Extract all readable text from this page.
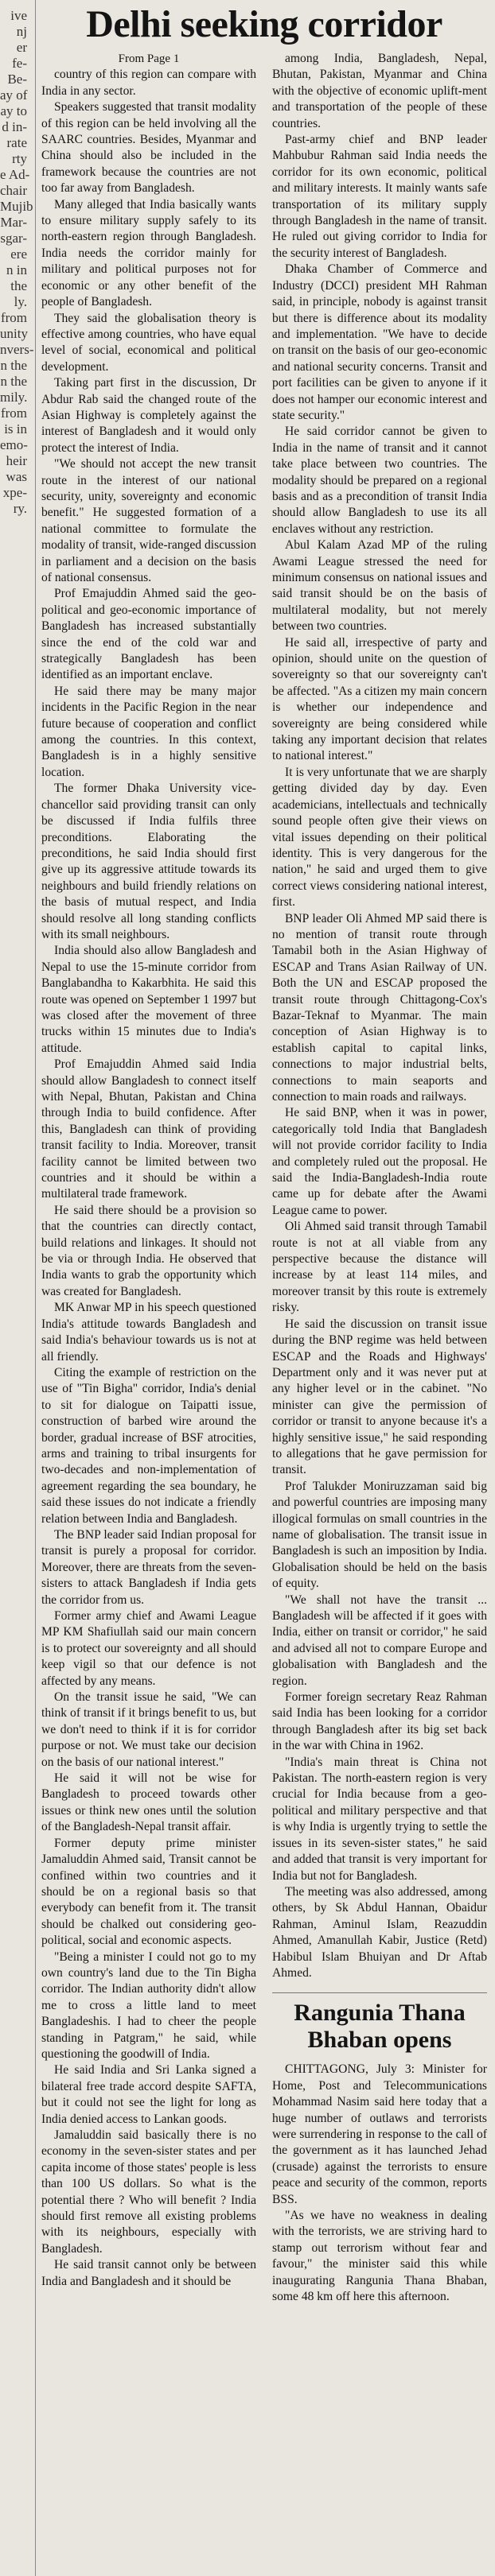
ive
nj
er
fe-
Be-
ay of
ay to
d in-
rate
rty
e Ad-
chair
Mujib
Mar-
sgar-
ere
n in
the
ly.
from
unity
nvers-
n the
n the
mily.
from
is in
emo-
heir
was
xpe-
ry.
Delhi seeking corridor

From Page 1

country of this region can compare with India in any sector.

Speakers suggested that transit modality of this region can be held involving all the SAARC countries. Besides, Myanmar and China should also be included in the framework because the countries are not too far away from Bangladesh.

Many alleged that India basically wants to ensure military supply safely to its north-eastern region through Bangladesh. India needs the corridor mainly for military and political purposes not for economic or any other benefit of the people of Bangladesh.

They said the globalisation theory is effective among countries, who have equal level of social, economical and political development.

Taking part first in the discussion, Dr Abdur Rab said the changed route of the Asian Highway is completely against the interest of Bangladesh and it would only protect the interest of India.

"We should not accept the new transit route in the interest of our national security, unity, sovereignty and economic benefit." He suggested formation of a national committee to formulate the modality of transit, wide-ranged discussion in parliament and a decision on the basis of national consensus.

Prof Emajuddin Ahmed said the geo-political and geo-economic importance of Bangladesh has increased substantially since the end of the cold war and strategically Bangladesh has been identified as an important enclave.

He said there may be many major incidents in the Pacific Region in the near future because of cooperation and conflict among the countries. In this context, Bangladesh is in a highly sensitive location.

The former Dhaka University vice-chancellor said providing transit can only be discussed if India fulfils three preconditions. Elaborating the preconditions, he said India should first give up its aggressive attitude towards its neighbours and build friendly relations on the basis of mutual respect, and India should resolve all long standing conflicts with its small neighbours.

India should also allow Bangladesh and Nepal to use the 15-minute corridor from Banglabandha to Kakarbhita. He said this route was opened on September 1 1997 but was closed after the movement of three trucks within 15 minutes due to India's attitude.

Prof Emajuddin Ahmed said India should allow Bangladesh to connect itself with Nepal, Bhutan, Pakistan and China through India to build confidence. After this, Bangladesh can think of providing transit facility to India. Moreover, transit facility cannot be limited between two countries and it should be within a multilateral trade framework.

He said there should be a provision so that the countries can directly contact, build relations and linkages. It should not be via or through India. He observed that India wants to grab the opportunity which was created for Bangladesh.

MK Anwar MP in his speech questioned India's attitude towards Bangladesh and said India's behaviour towards us is not at all friendly.

Citing the example of restriction on the use of "Tin Bigha" corridor, India's denial to sit for dialogue on Taipatti issue, construction of barbed wire around the border, gradual increase of BSF atrocities, arms and training to tribal insurgents for two-decades and non-implementation of agreement regarding the sea boundary, he said these issues do not indicate a friendly relation between India and Bangladesh.

The BNP leader said Indian proposal for transit is purely a proposal for corridor. Moreover, there are threats from the seven-sisters to attack Bangladesh if India gets the corridor from us.

Former army chief and Awami League MP KM Shafiullah said our main concern is to protect our sovereignty and all should keep vigil so that our defence is not affected by any means.

On the transit issue he said, "We can think of transit if it brings benefit to us, but we don't need to think if it is for corridor purpose or not. We must take our decision on the basis of our national interest."

He said it will not be wise for Bangladesh to proceed towards other issues or think new ones until the solution of the Bangladesh-Nepal transit affair.

Former deputy prime minister Jamaluddin Ahmed said, Transit cannot be confined within two countries and it should be on a regional basis so that everybody can benefit from it. The transit should be chalked out considering geo-political, social and economic aspects.

"Being a minister I could not go to my own country's land due to the Tin Bigha corridor. The Indian authority didn't allow me to cross a little land to meet Bangladeshis. I had to cheer the people standing in Patgram," he said, while questioning the goodwill of India.

He said India and Sri Lanka signed a bilateral free trade accord despite SAFTA, but it could not see the light for long as India denied access to Lankan goods.

Jamaluddin said basically there is no economy in the seven-sister states and per capita income of those states' people is less than 100 US dollars. So what is the potential there ? Who will benefit ? India should first remove all existing problems with its neighbours, especially with Bangladesh.

He said transit cannot only be between India and Bangladesh and it should be

among India, Bangladesh, Nepal, Bhutan, Pakistan, Myanmar and China with the objective of economic uplift-ment and transportation of the people of these countries.

Past-army chief and BNP leader Mahbubur Rahman said India needs the corridor for its own economic, political and military interests. It mainly wants safe transportation of its military supply through Bangladesh in the name of transit. He ruled out giving corridor to India for the security interest of Bangladesh.

Dhaka Chamber of Commerce and Industry (DCCI) president MH Rahman said, in principle, nobody is against transit but there is difference about its modality and implementation. "We have to decide on transit on the basis of our geo-economic and national security concerns. Transit and port facilities can be given to anyone if it does not hamper our economic interest and state security."

He said corridor cannot be given to India in the name of transit and it cannot take place between two countries. The modality should be prepared on a regional basis and as a precondition of transit India should allow Bangladesh to use its all enclaves without any restriction.

Abul Kalam Azad MP of the ruling Awami League stressed the need for minimum consensus on national issues and said transit should be on the basis of multilateral modality, but not merely between two countries.

He said all, irrespective of party and opinion, should unite on the question of sovereignty so that our sovereignty can't be affected. "As a citizen my main concern is whether our independence and sovereignty are being considered while taking any important decision that relates to national interest."

It is very unfortunate that we are sharply getting divided day by day. Even academicians, intellectuals and technically sound people often give their views on vital issues depending on their political identity. This is very dangerous for the nation," he said and urged them to give correct views considering national interest, first.

BNP leader Oli Ahmed MP said there is no mention of transit route through Tamabil both in the Asian Highway of ESCAP and Trans Asian Railway of UN. Both the UN and ESCAP proposed the transit route through Chittagong-Cox's Bazar-Teknaf to Myanmar. The main conception of Asian Highway is to establish capital to capital links, connections to major industrial belts, connections to main seaports and connection to main roads and railways.

He said BNP, when it was in power, categorically told India that Bangladesh will not provide corridor facility to India and completely ruled out the proposal. He said the India-Bangladesh-India route came up for debate after the Awami League came to power.

Oli Ahmed said transit through Tamabil route is not at all viable from any perspective because the distance will increase by at least 114 miles, and moreover transit by this route is extremely risky.

He said the discussion on transit issue during the BNP regime was held between ESCAP and the Roads and Highways' Department only and it was never put at any higher level or in the cabinet. "No minister can give the permission of corridor or transit to anyone because it's a highly sensitive issue," he said responding to allegations that he gave permission for transit.

Prof Talukder Moniruzzaman said big and powerful countries are imposing many illogical formulas on small countries in the name of globalisation. The transit issue in Bangladesh is such an imposition by India. Globalisation should be held on the basis of equity.

"We shall not have the transit ... Bangladesh will be affected if it goes with India, either on transit or corridor," he said and advised all not to compare Europe and globalisation with Bangladesh and the region.

Former foreign secretary Reaz Rahman said India has been looking for a corridor through Bangladesh after its big set back in the war with China in 1962.

"India's main threat is China not Pakistan. The north-eastern region is very crucial for India because from a geo-political and military perspective and that is why India is urgently trying to settle the issues in its seven-sister states," he said and added that transit is very important for India but not for Bangladesh.

The meeting was also addressed, among others, by Sk Abdul Hannan, Obaidur Rahman, Aminul Islam, Reazuddin Ahmed, Amanullah Kabir, Justice (Retd) Habibul Islam Bhuiyan and Dr Aftab Ahmed.

Rangunia Thana Bhaban opens

CHITTAGONG, July 3: Minister for Home, Post and Telecommunications Mohammad Nasim said here today that a huge number of outlaws and terrorists were surrendering in response to the call of the government as it has launched Jehad (crusade) against the terrorists to ensure peace and security of the common, reports BSS.

"As we have no weakness in dealing with the terrorists, we are striving hard to stamp out terrorism without fear and favour," the minister said this while inaugurating Rangunia Thana Bhaban, some 48 km off here this afternoon.
